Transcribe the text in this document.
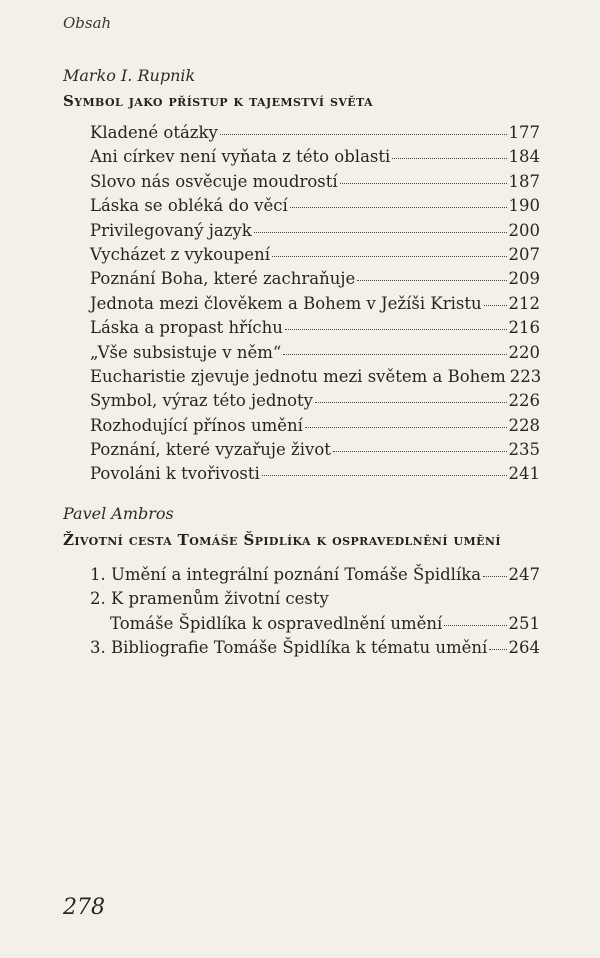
Obsah
Marko I. Rupnik
Symbol jako přístup k tajemství světa
Kladené otázky	177
Ani církev není vyňata z této oblasti	184
Slovo nás osvěcuje moudrostí	187
Láska se obléká do věcí	190
Privilegovaný jazyk	200
Vycházet z vykoupení	207
Poznání Boha, které zachraňuje	209
Jednota mezi člověkem a Bohem v Ježíši Kristu 212
Láska a propast hříchu	216
„Vše subsistuje v něm“	220
Eucharistie zjevuje jednotu mezi světem a Bohem 223
Symbol, výraz této jednoty	226
Rozhodující přínos umění	228
Poznání, které vyzařuje život	235
Povoláni k tvořivosti	241
Pavel Ambros
Životní cesta Tomáše Špidlíka k ospravedlnění umění
1. Umění a integrální poznání Tomáše Špidlíka 247
2. K pramenům životní cesty
Tomáše Špidlíka k ospravedlnění umění	251
3. Bibliografie Tomáše Špidlíka k tématu umění 264
278
